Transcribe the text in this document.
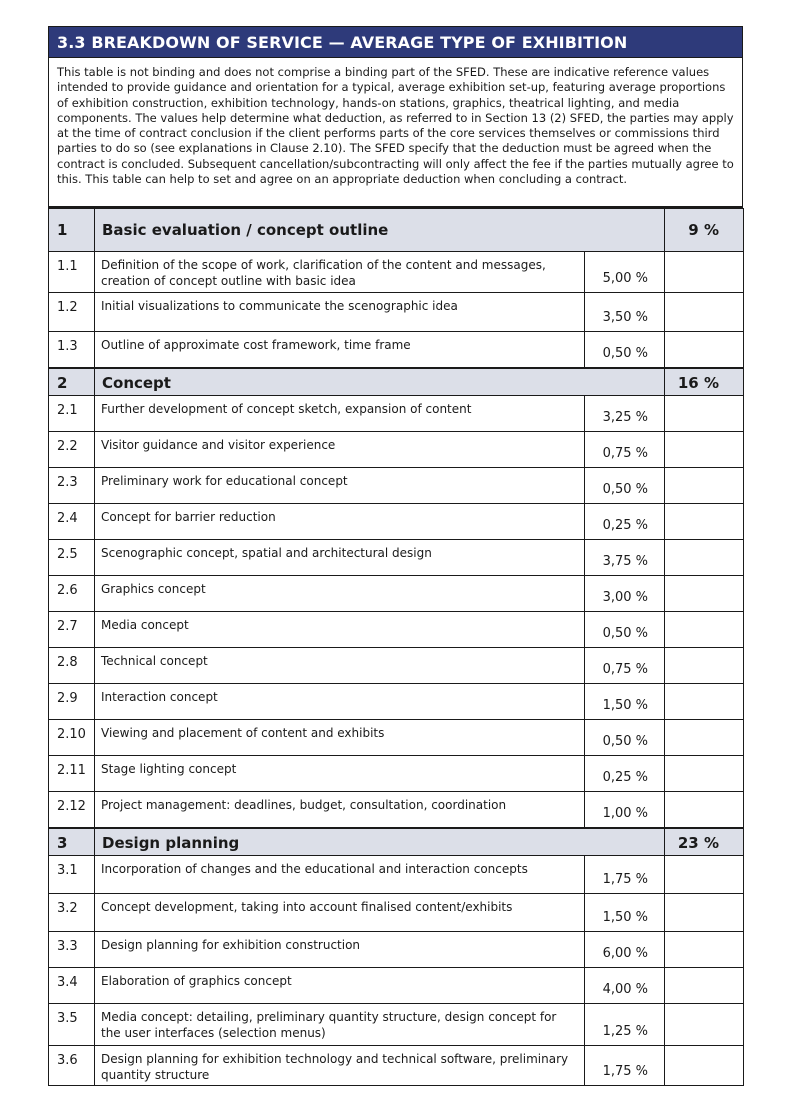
3.3 BREAKDOWN OF SERVICE — AVERAGE TYPE OF EXHIBITION
This table is not binding and does not comprise a binding part of the SFED. These are indicative reference values intended to provide guidance and orientation for a typical, average exhibition set-up, featuring average proportions of exhibition construction, exhibition technology, hands-on stations, graphics, theatrical lighting, and media components. The values help determine what deduction, as referred to in Section 13 (2) SFED, the parties may apply at the time of contract conclusion if the client performs parts of the core services themselves or commissions third parties to do so (see explanations in Clause 2.10). The SFED specify that the deduction must be agreed when the contract is concluded. Subsequent cancellation/subcontracting will only affect the fee if the parties mutually agree to this. This table can help to set and agree on an appropriate deduction when concluding a contract.
1	Basic evaluation / concept outline		9 %
1.1	Definition of the scope of work, clarification of the content and messages, creation of concept outline with basic idea	5,00 %	
1.2	Initial visualizations to communicate the scenographic idea	3,50 %	
1.3	Outline of approximate cost framework, time frame	0,50 %	
2	Concept		16 %
2.1	Further development of concept sketch, expansion of content	3,25 %	
2.2	Visitor guidance and visitor experience	0,75 %	
2.3	Preliminary work for educational concept	0,50 %	
2.4	Concept for barrier reduction	0,25 %	
2.5	Scenographic concept, spatial and architectural design	3,75 %	
2.6	Graphics concept	3,00 %	
2.7	Media concept	0,50 %	
2.8	Technical concept	0,75 %	
2.9	Interaction concept	1,50 %	
2.10	Viewing and placement of content and exhibits	0,50 %	
2.11	Stage lighting concept	0,25 %	
2.12	Project management: deadlines, budget, consultation, coordination	1,00 %	
3	Design planning		23 %
3.1	Incorporation of changes and the educational and interaction concepts	1,75 %	
3.2	Concept development, taking into account finalised content/exhibits	1,50 %	
3.3	Design planning for exhibition construction	6,00 %	
3.4	Elaboration of graphics concept	4,00 %	
3.5	Media concept: detailing, preliminary quantity structure, design concept for the user interfaces (selection menus)	1,25 %	
3.6	Design planning for exhibition technology and technical software, preliminary quantity structure	1,75 %	
